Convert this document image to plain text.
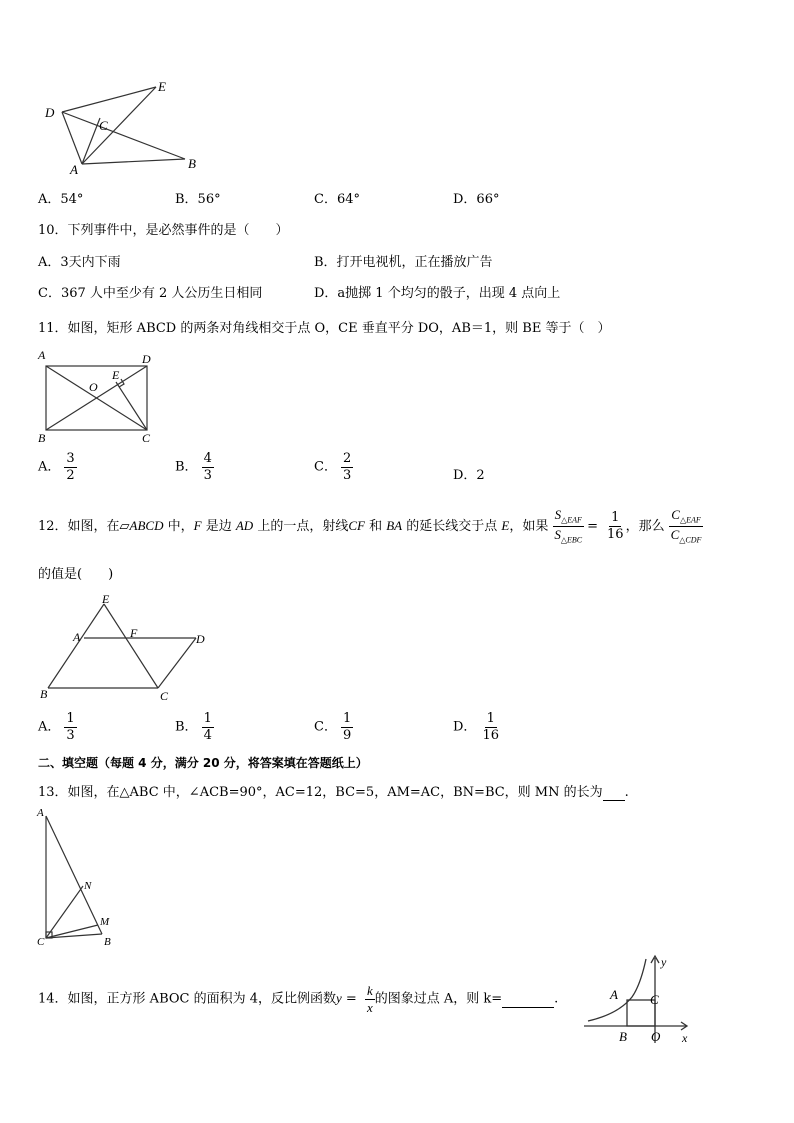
E
D
C
A	B
A．54°	B．56°	C．64°	D．66°
10．下列事件中，是必然事件的是（　　）
A．3天内下雨	B．打开电视机，正在播放广告
C．367 人中至少有 2 人公历生日相同	D．a抛掷 1 个均匀的骰子，出现 4 点向上
11．如图，矩形 ABCD 的两条对角线相交于点 O，CE 垂直平分 DO，AB＝1，则 BE 等于（　）
A	D
O
E
B	C
A． $\frac{3}{2}$	B． $\frac{4}{3}$	C． $\frac{2}{3}$	D．2
12．如图，在▱ABCD 中，F 是边 AD 上的一点，射线CF 和 BA 的延长线交于点 E，如果 $\frac{S_{\triangle EAF}}{S_{\triangle EBC}} = \frac{1}{16}$ ，那么 $\frac{C_{\triangle EAF}}{C_{\triangle CDF}}$
的值是(　　)
E
A	F	D
B	C
A． $\frac{1}{3}$	B． $\frac{1}{4}$	C． $\frac{1}{9}$	D． $\frac{1}{16}$
二、填空题（每题 4 分，满分 20 分，将答案填在答题纸上）
13．如图，在△ABC 中，∠ACB=90°，AC=12，BC=5，AM=AC，BN=BC，则 MN 的长为 .
A
N
M
C	B
14．如图，正方形 ABOC 的面积为 4，反比例函数$y = \frac{k}{x}$ 的图象过点 A，则 k=	.
y
A C
B O x
